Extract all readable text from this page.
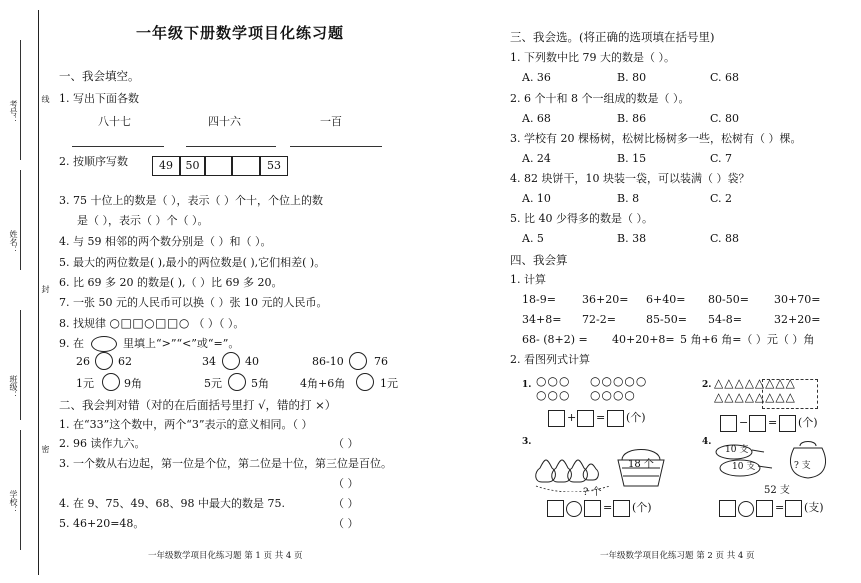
考号：
姓名：
班级：
学校：
线
封
密
一年级下册数学项目化练习题
一、我会填空。
1. 写出下面各数
八十七	四十六	一百
2. 按顺序写数	49	50	53
3. 75 十位上的数是（ ），表示（ ）个十，个位上的数
是（ ），表示（ ）个（ ）。
4. 与 59 相邻的两个数分别是（ ）和（ ）。
5. 最大的两位数是( ),最小的两位数是( ),它们相差( )。
6. 比 69 多 20 的数是( ),（ ）比 69 多 20。
7. 一张 50 元的人民币可以换（ ）张 10 元的人民币。
8. 找规律 ○□□○□□○ （ ）（ ）。
9. 在	里填上“>”“<”或“=”。
26	62	34	40	86-10	76
1元	9角	5元	5角	4角+6角	1元
二、我会判对错（对的在后面括号里打 √，错的打 ×）
1. 在“33”这个数中，两个“3”表示的意义相同。（ ）
2. 96 读作九六。	（ ）
3. 一个数从右边起，第一位是个位，第二位是十位，第三位是百位。
（ ）
4. 在 9、75、49、68、98 中最大的数是 75.	（ ）
5. 46+20=48。	（ ）
一年级数学项目化练习题 第 1 页 共 4 页
三、我会选。(将正确的选项填在括号里)
1. 下列数中比 79 大的数是（ ）。
A. 36	B. 80	C. 68
2. 6 个十和 8 个一组成的数是（ ）。
A. 68	B. 86	C. 80
3. 学校有 20 棵杨树，松树比杨树多一些，松树有（ ）棵。
A. 24	B. 15	C. 7
4. 82 块饼干，10 块装一袋，可以装满（ ）袋？
A. 10	B. 8	C. 2
5. 比 40 少得多的数是（ ）。
A. 5	B. 38	C. 88
四、我会算
1. 计算
18-9= 36+20= 6+40= 80-50= 30+70=
34+8= 72-2=	85-50= 54-8=	32+20=
68- (8+2) = 40+20+8= 5 角+6 角=（ ）元（ ）角
2. 看图列式计算
1. ○○○
○○○
○○○○○
○○○○
+ = (个)
2. △△△△△△△△
△△△△△△△△
− = (个)
3.
18 个
? 个
= (个)
4.
10 支
10 支	? 支
52 支
= (支)
一年级数学项目化练习题 第 2 页 共 4 页
